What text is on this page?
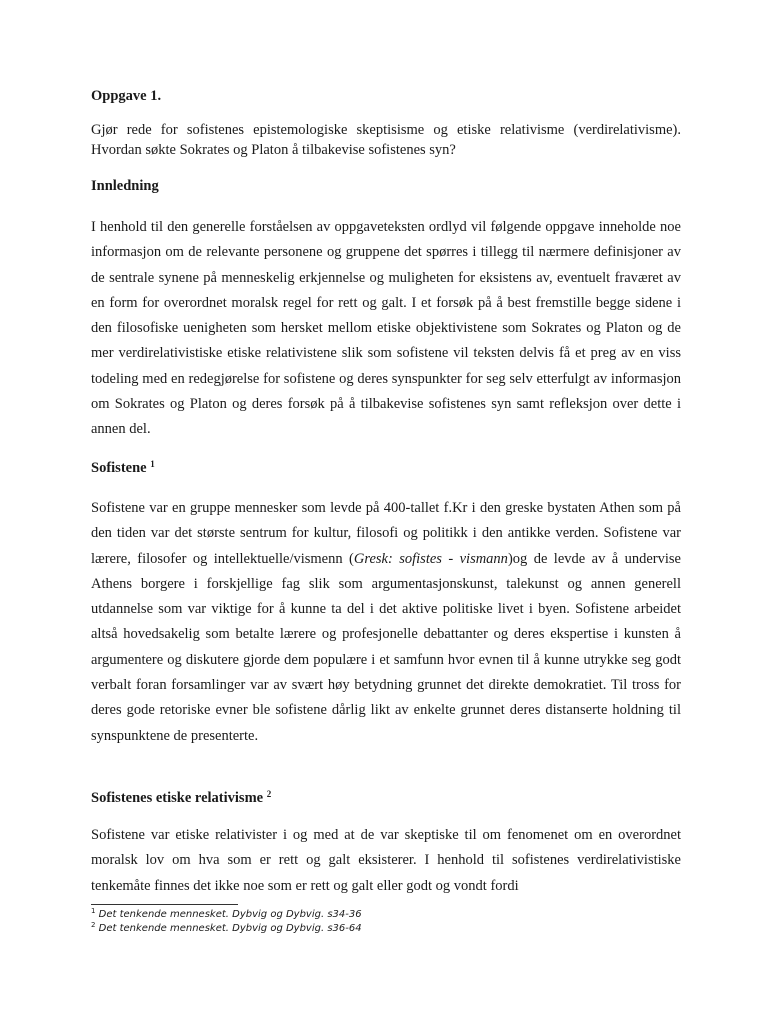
Oppgave 1.

Gjør rede for sofistenes epistemologiske skeptisisme og etiske relativisme (verdirelativisme). Hvordan søkte Sokrates og Platon å tilbakevise sofistenes syn?

Innledning

I henhold til den generelle forståelsen av oppgaveteksten ordlyd vil følgende oppgave inneholde noe informasjon om de relevante personene og gruppene det spørres i tillegg til nærmere definisjoner av de sentrale synene på menneskelig erkjennelse og muligheten for eksistens av, eventuelt fraværet av en form for overordnet moralsk regel for rett og galt. I et forsøk på å best fremstille begge sidene i den filosofiske uenigheten som hersket mellom etiske objektivistene som Sokrates og Platon og de mer verdirelativistiske etiske relativistene slik som sofistene vil teksten delvis få et preg av en viss todeling med en redegjørelse for sofistene og deres synspunkter for seg selv etterfulgt av informasjon om Sokrates og Platon og deres forsøk på å tilbakevise sofistenes syn samt refleksjon over dette i annen del.

Sofistene $^1$

Sofistene var en gruppe mennesker som levde på 400-tallet f.Kr i den greske bystaten Athen som på den tiden var det største sentrum for kultur, filosofi og politikk i den antikke verden. Sofistene var lærere, filosofer og intellektuelle/vismenn (Gresk: sofistes - vismann)og de levde av å undervise Athens borgere i forskjellige fag slik som argumentasjonskunst, talekunst og annen generell utdannelse som var viktige for å kunne ta del i det aktive politiske livet i byen. Sofistene arbeidet altså hovedsakelig som betalte lærere og profesjonelle debattanter og deres ekspertise i kunsten å argumentere og diskutere gjorde dem populære i et samfunn hvor evnen til å kunne utrykke seg godt verbalt foran forsamlinger var av svært høy betydning grunnet det direkte demokratiet. Til tross for deres gode retoriske evner ble sofistene dårlig likt av enkelte grunnet deres distanserte holdning til synspunktene de presenterte.

Sofistenes etiske relativisme $^2$

Sofistene var etiske relativister i og med at de var skeptiske til om fenomenet om en overordnet moralsk lov om hva som er rett og galt eksisterer. I henhold til sofistenes verdirelativistiske tenkemåte finnes det ikke noe som er rett og galt eller godt og vondt fordi

$^1$ Det tenkende mennesket. Dybvig og Dybvig. s34-36
$^2$ Det tenkende mennesket. Dybvig og Dybvig. s36-64
